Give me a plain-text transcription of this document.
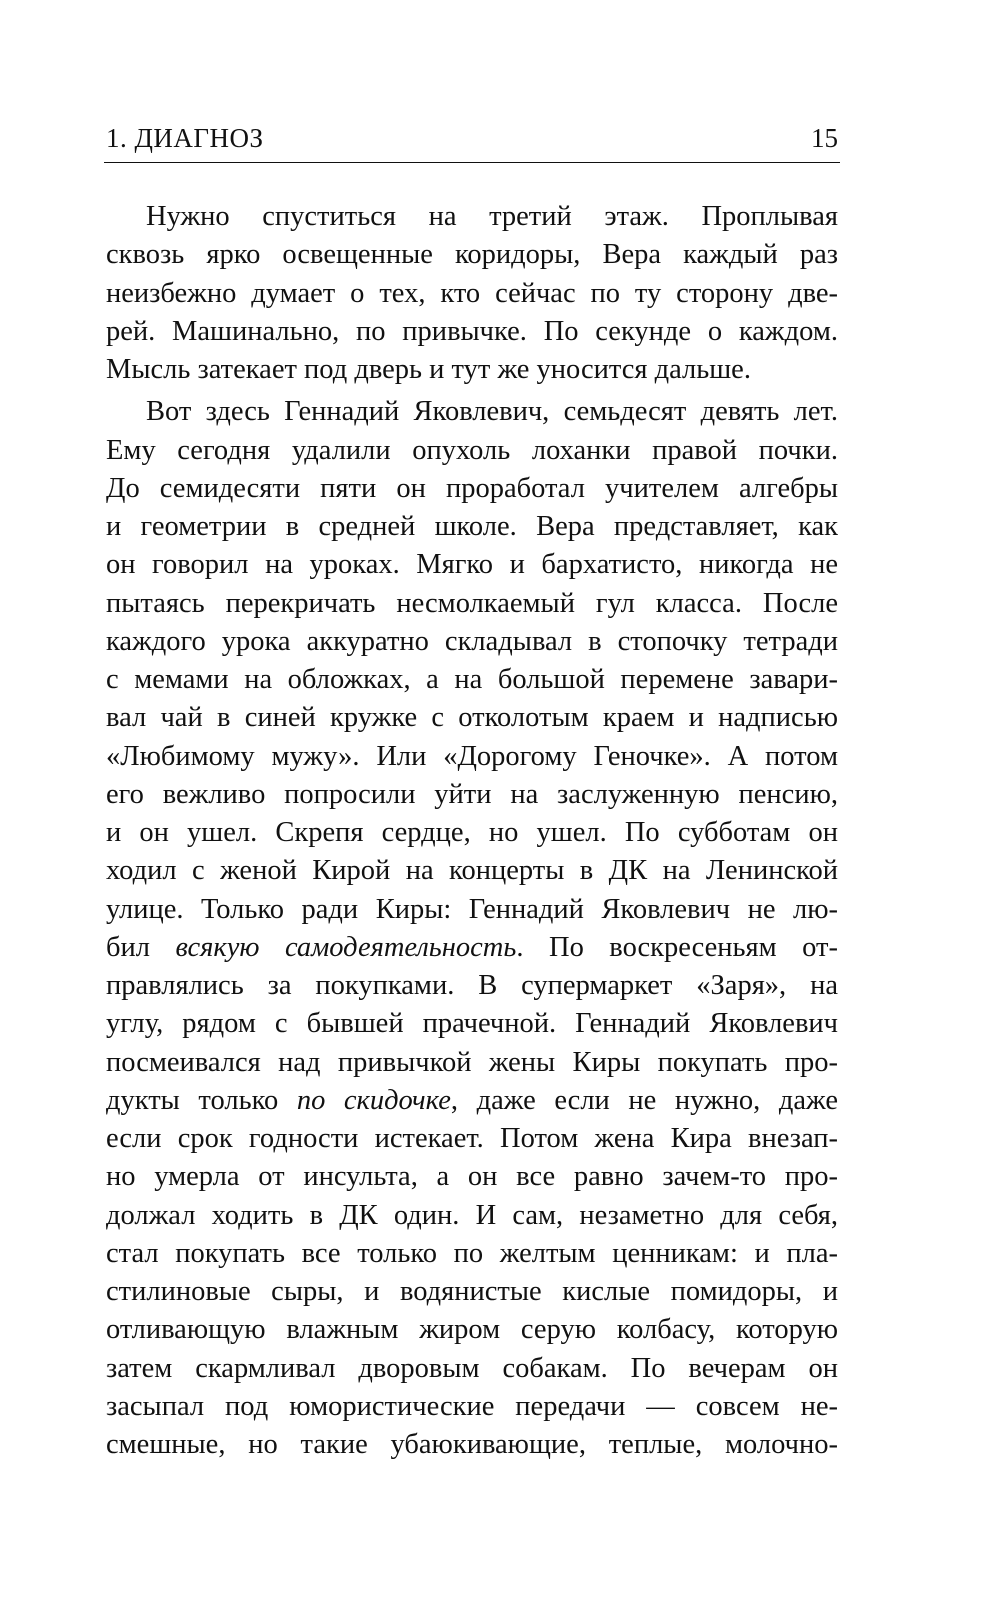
1. ДИАГНОЗ	15
Нужно спуститься на третий этаж. Проплывая
сквозь ярко освещенные коридоры, Вера каждый раз
неизбежно думает о тех, кто сейчас по ту сторону две-
рей. Машинально, по привычке. По секунде о каждом.
Мысль затекает под дверь и тут же уносится дальше.
Вот здесь Геннадий Яковлевич, семьдесят девять лет.
Ему сегодня удалили опухоль лоханки правой почки.
До семидесяти пяти он проработал учителем алгебры
и геометрии в средней школе. Вера представляет, как
он говорил на уроках. Мягко и бархатисто, никогда не
пытаясь перекричать несмолкаемый гул класса. После
каждого урока аккуратно складывал в стопочку тетради
с мемами на обложках, а на большой перемене завари-
вал чай в синей кружке с отколотым краем и надписью
«Любимому мужу». Или «Дорогому Геночке». А потом
его вежливо попросили уйти на заслуженную пенсию,
и он ушел. Скрепя сердце, но ушел. По субботам он
ходил с женой Кирой на концерты в ДК на Ленинской
улице. Только ради Киры: Геннадий Яковлевич не лю-
бил всякую самодеятельность. По воскресеньям от-
правлялись за покупками. В супермаркет «Заря», на
углу, рядом с бывшей прачечной. Геннадий Яковлевич
посмеивался над привычкой жены Киры покупать про-
дукты только по скидочке, даже если не нужно, даже
если срок годности истекает. Потом жена Кира внезап-
но умерла от инсульта, а он все равно зачем-то про-
должал ходить в ДК один. И сам, незаметно для себя,
стал покупать все только по желтым ценникам: и пла-
стилиновые сыры, и водянистые кислые помидоры, и
отливающую влажным жиром серую колбасу, которую
затем скармливал дворовым собакам. По вечерам он
засыпал под юмористические передачи — совсем не-
смешные, но такие убаюкивающие, теплые, молочно-
